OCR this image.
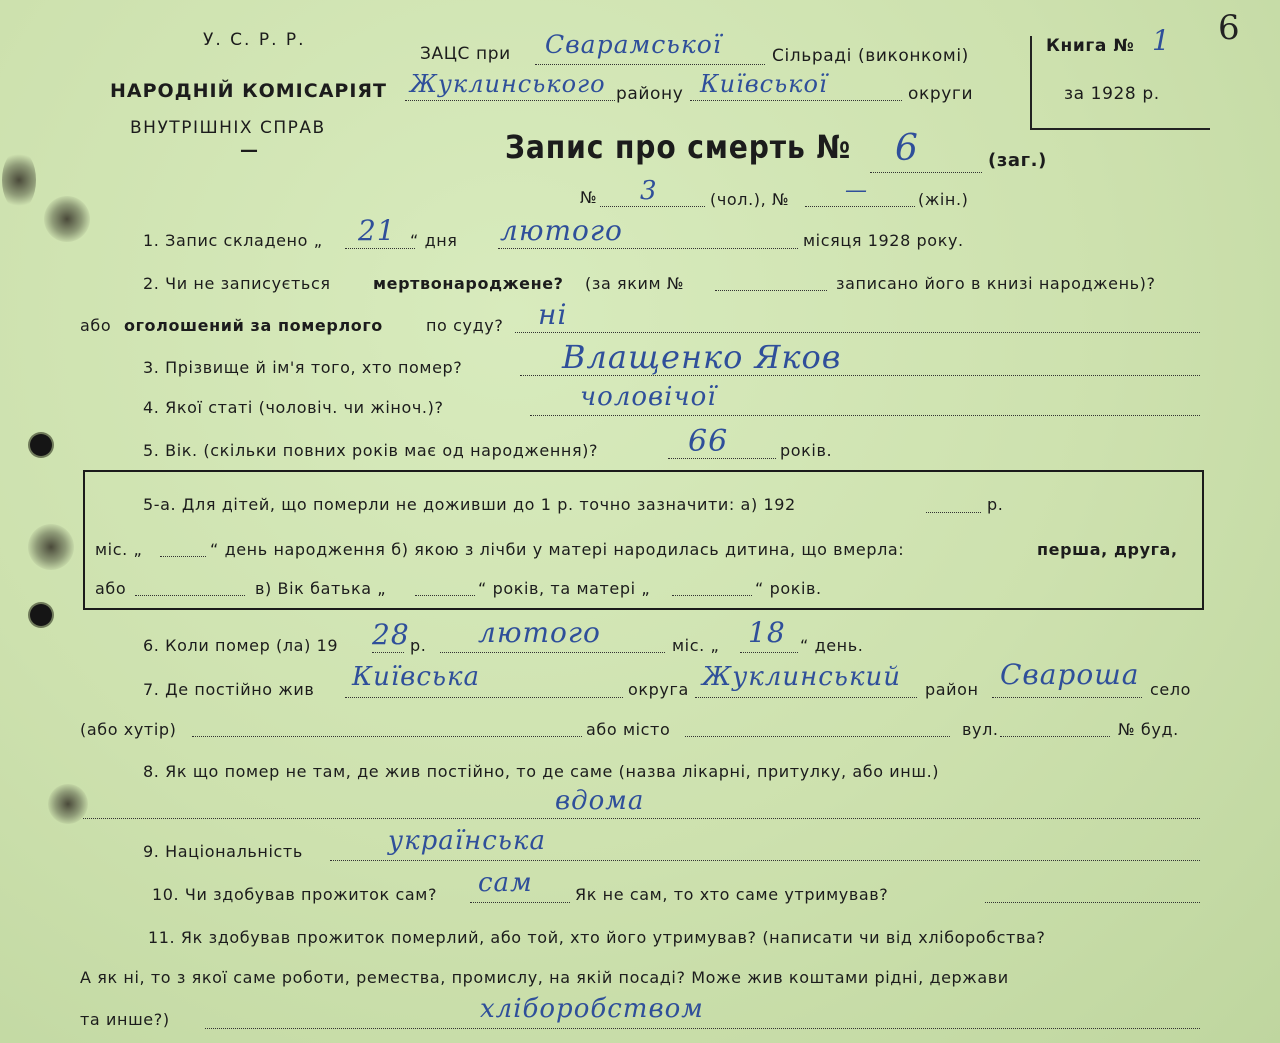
У. С. Р. Р.
НАРОДНІЙ КОМІСАРІЯТ
ВНУТРІШНІХ СПРАВ
—
ЗАЦС при Сварамської	Сільраді (виконкомі)
Жуклинського району Київської	округи
Книга № 1
за 1928 р.
6
Запис про смерть № 6	(заг.)
№ 3	(чол.), №	—	(жін.)
1. Запис складено „ 21 “ дня лютого	місяця 1928 року.
2. Чи не записується	мертвонароджене? (за яким №	записано його в книзі народжень)?
або оголошений за померлого	по суду? ні
3. Прізвище й ім'я того, хто помер?	Влащенко Яков
4. Якої статі (чоловіч. чи жіноч.)?	чоловічої
5. Вік. (скільки повних років має од народження)?	66	років.
5-а. Для дітей, що померли не доживши до 1 р. точно зазначити: а) 192	р.
міс. „	“ день народження б) якою з лічби у матері народилась дитина, що вмерла:	перша, друга,
або	в) Вік батька „	“ років, та матері „	“ років.
6. Коли помер (ла) 19 28 р. лютого	міс. „ 18 “ день.
7. Де постійно жив Київська	округа Жуклинський район Свароша село
(або хутір)	або місто	вул.	№ буд.
8. Як що помер не там, де жив постійно, то де саме (назва лікарні, притулку, або инш.)
вдома
9. Національність	українська
10. Чи здобував прожиток сам? сам	Як не сам, то хто саме утримував?
11. Як здобував прожиток померлий, або той, хто його утримував? (написати чи від хліборобства?
А як ні, то з якої саме роботи, ремества, промислу, на якій посаді? Може жив коштами рідні, держави
та инше?)	хліборобством
